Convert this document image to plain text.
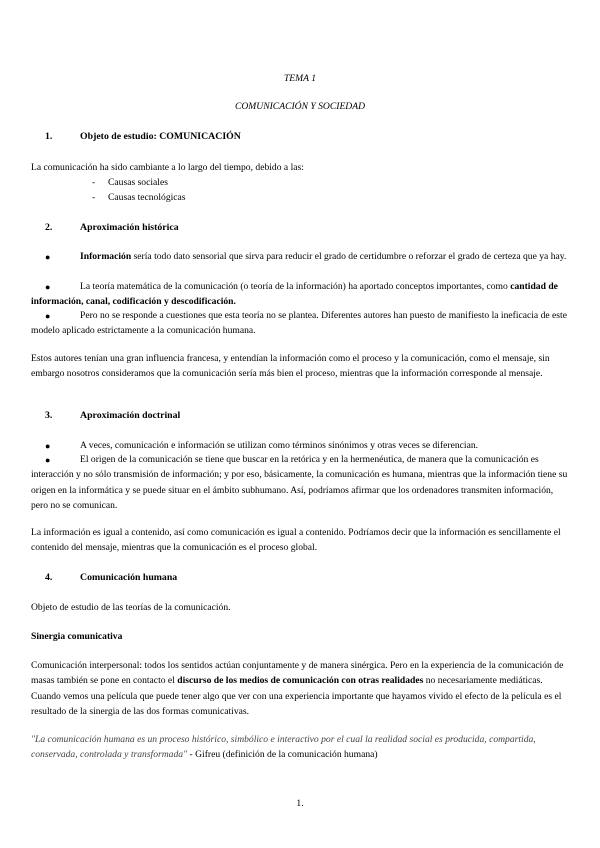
TEMA 1
COMUNICACIÓN Y SOCIEDAD
1.	Objeto de estudio: COMUNICACIÓN
La comunicación ha sido cambiante a lo largo del tiempo, debido a las:
- Causas sociales
- Causas tecnológicas
2.	Aproximación histórica
●	Información sería todo dato sensorial que sirva para reducir el grado de certidumbre o reforzar el grado de certeza que ya hay.
●	La teoría matemática de la comunicación (o teoría de la información) ha aportado conceptos importantes, como cantidad de información, canal, codificación y descodificación.
●	Pero no se responde a cuestiones que esta teoría no se plantea. Diferentes autores han puesto de manifiesto la ineficacia de este modelo aplicado estrictamente a la comunicación humana.
Estos autores tenían una gran influencia francesa, y entendían la información como el proceso y la comunicación, como el mensaje, sin embargo nosotros consideramos que la comunicación sería más bien el proceso, mientras que la información corresponde al mensaje.
3.	Aproximación doctrinal
●	A veces, comunicación e información se utilizan como términos sinónimos y otras veces se diferencian.
●	El origen de la comunicación se tiene que buscar en la retórica y en la hermenéutica, de manera que la comunicación es interacción y no sólo transmisión de información; y por eso, básicamente, la comunicación es humana, mientras que la información tiene su origen en la informática y se puede situar en el ámbito subhumano. Así, podríamos afirmar que los ordenadores transmiten información, pero no se comunican.
La información es igual a contenido, así como comunicación es igual a contenido. Podríamos decir que la información es sencillamente el contenido del mensaje, mientras que la comunicación es el proceso global.
4.	Comunicación humana
Objeto de estudio de las teorías de la comunicación.
Sinergia comunicativa
Comunicación interpersonal: todos los sentidos actúan conjuntamente y de manera sinérgica. Pero en la experiencia de la comunicación de masas también se pone en contacto el discurso de los medios de comunicación con otras realidades no necesariamente mediáticas. Cuando vemos una película que puede tener algo que ver con una experiencia importante que hayamos vivido el efecto de la película es el resultado de la sinergia de las dos formas comunicativas.
"La comunicación humana es un proceso histórico, simbólico e interactivo por el cual la realidad social es producida, compartida, conservada, controlada y transformada" - Gifreu (definición de la comunicación humana)
1.
